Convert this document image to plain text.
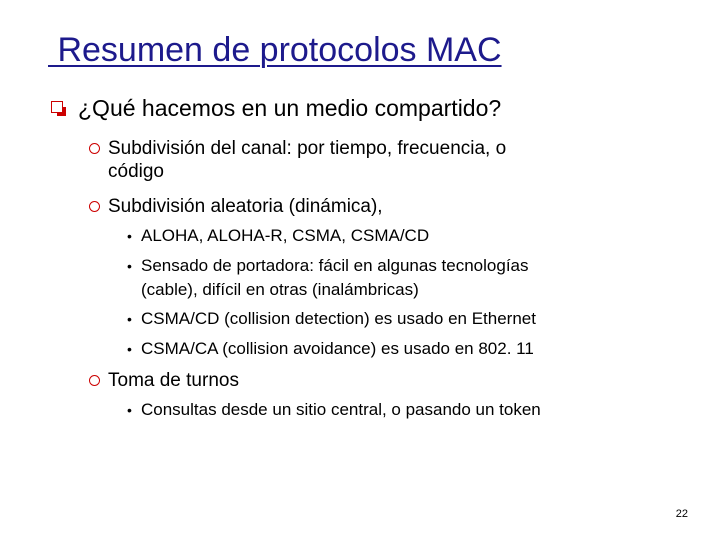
Resumen de protocolos MAC
¿Qué hacemos en un medio compartido?
Subdivisión del canal: por tiempo, frecuencia, o
código
Subdivisión aleatoria (dinámica),
• ALOHA, ALOHA-R, CSMA, CSMA/CD
• Sensado de portadora: fácil en algunas tecnologías
(cable), difícil en otras (inalámbricas)
• CSMA/CD (collision detection) es usado en Ethernet
• CSMA/CA (collision avoidance) es usado en 802. 11
Toma de turnos
• Consultas desde un sitio central, o pasando un token
22
